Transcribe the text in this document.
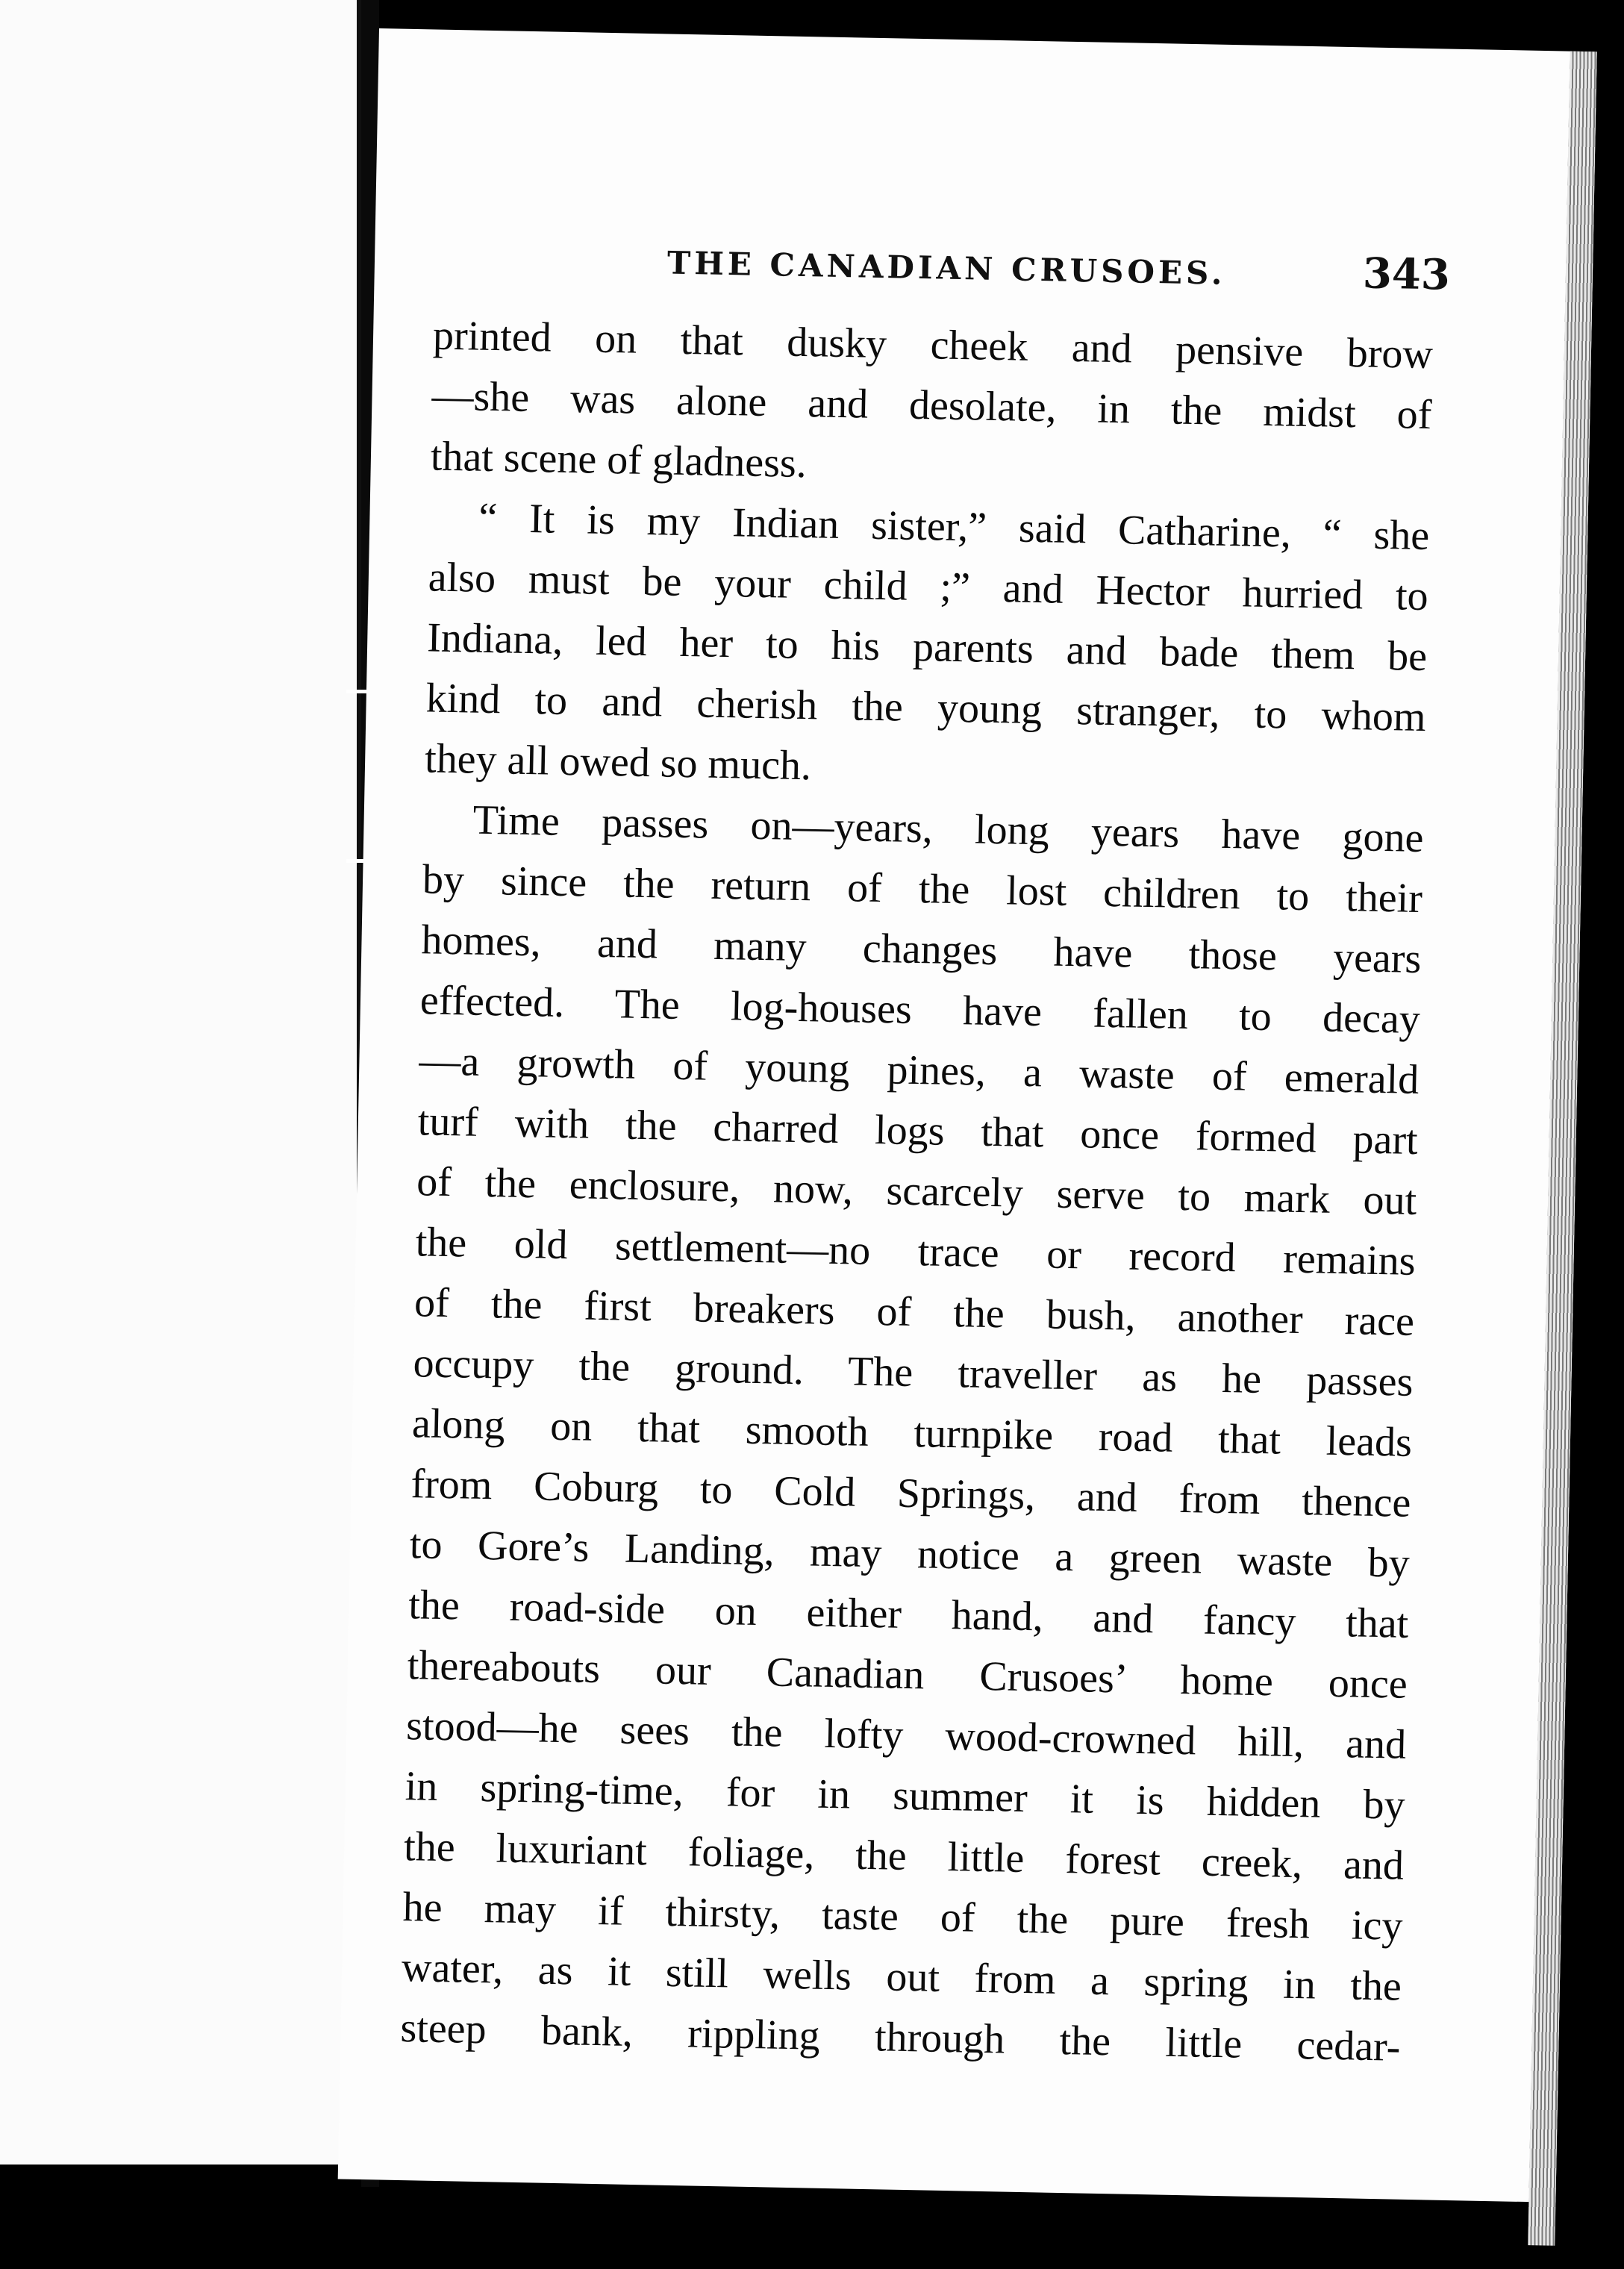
THE CANADIAN CRUSOES.	343
printed on that dusky cheek and pensive brow
—she was alone and desolate, in the midst of
that scene of gladness.
“ It is my Indian sister,” said Catharine, “ she
also must be your child ;” and Hector hurried to
Indiana, led her to his parents and bade them be
kind to and cherish the young stranger, to whom
they all owed so much.
Time passes on—years, long years have gone
by since the return of the lost children to their
homes, and many changes have those years
effected. The log-houses have fallen to decay
—a growth of young pines, a waste of emerald
turf with the charred logs that once formed part
of the enclosure, now, scarcely serve to mark out
the old settlement—no trace or record remains
of the first breakers of the bush, another race
occupy the ground. The traveller as he passes
along on that smooth turnpike road that leads
from Coburg to Cold Springs, and from thence
to Gore’s Landing, may notice a green waste by
the road-side on either hand, and fancy that
thereabouts our Canadian Crusoes’ home once
stood—he sees the lofty wood-crowned hill, and
in spring-time, for in summer it is hidden by
the luxuriant foliage, the little forest creek, and
he may if thirsty, taste of the pure fresh icy
water, as it still wells out from a spring in the
steep bank, rippling through the little cedar-
